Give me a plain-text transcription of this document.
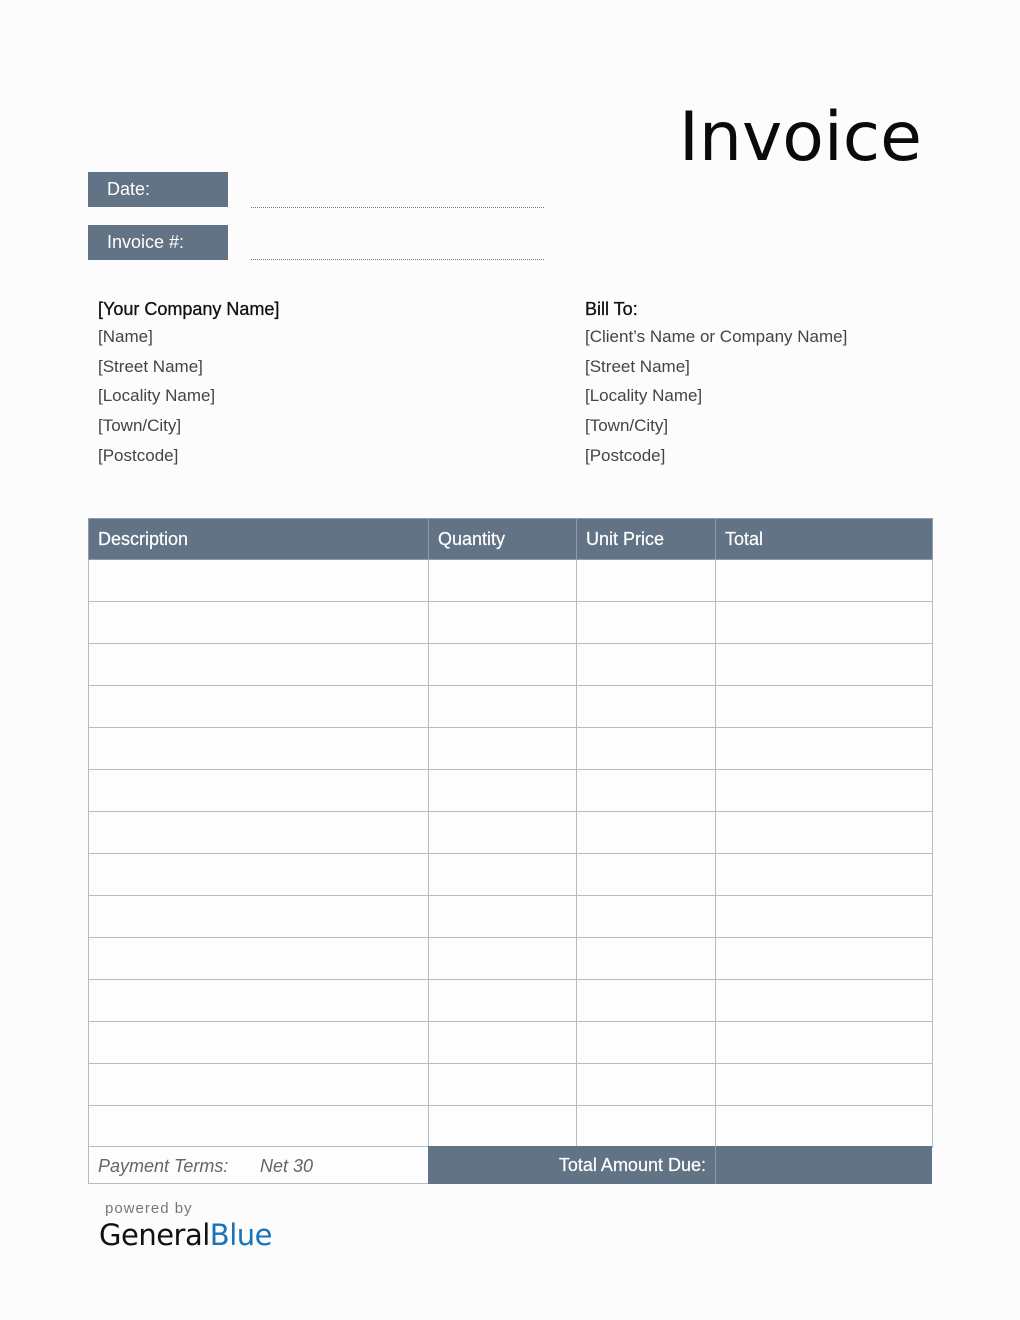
Invoice
Date:
Invoice #:
[Your Company Name]
[Name]
[Street Name]
[Locality Name]
[Town/City]
[Postcode]
Bill To:
[Client’s Name or Company Name]
[Street Name]
[Locality Name]
[Town/City]
[Postcode]
Description	Quantity	Unit Price	Total

Payment Terms:	Net 30	Total Amount Due:
powered by
GeneralBlue
